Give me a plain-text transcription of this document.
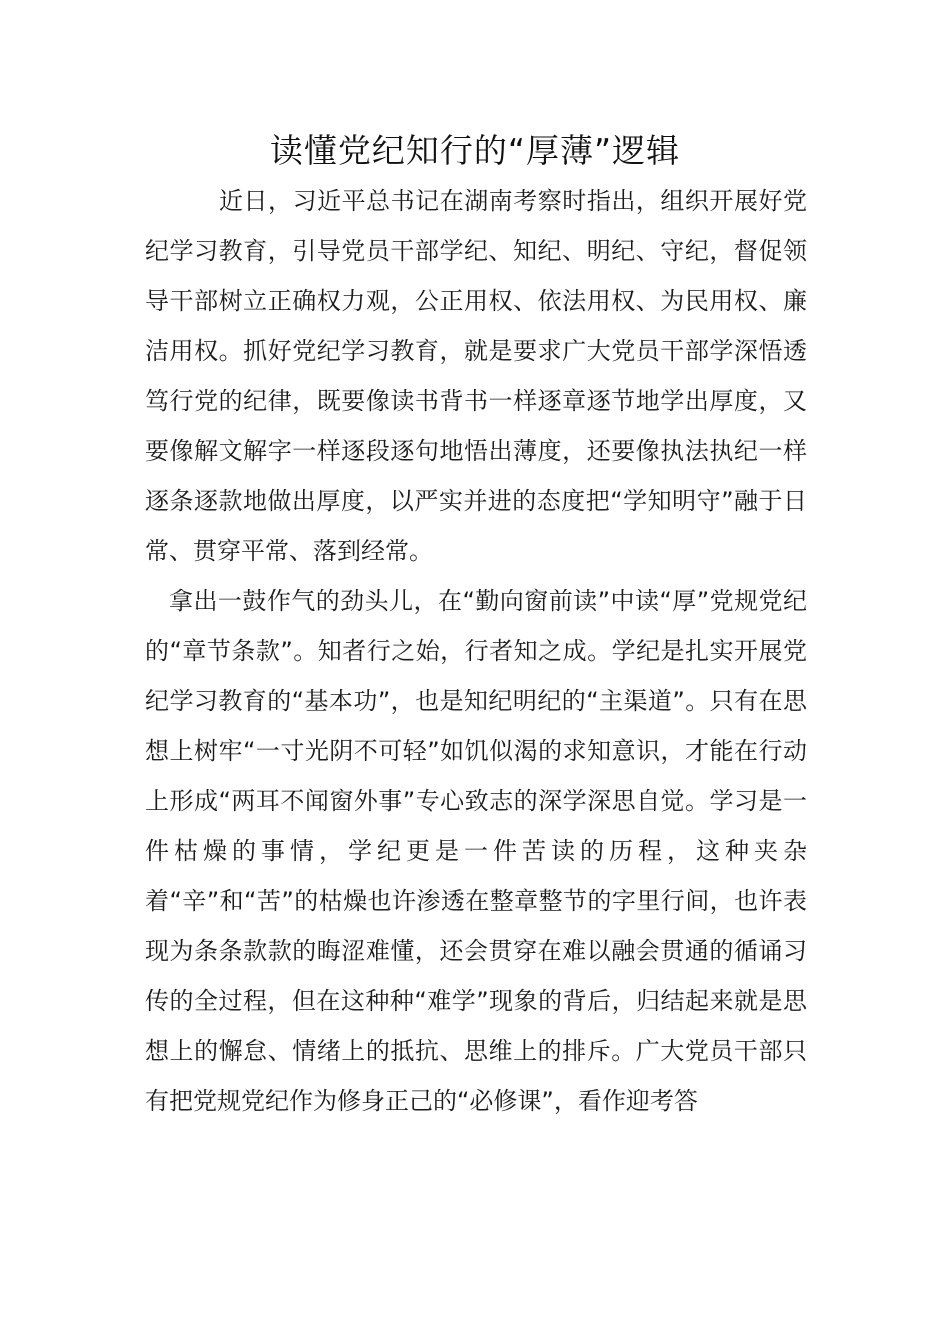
读懂党纪知行的“厚薄”逻辑

近日，习近平总书记在湖南考察时指出，组织开展好党纪学习教育，引导党员干部学纪、知纪、明纪、守纪，督促领导干部树立正确权力观，公正用权、依法用权、为民用权、廉洁用权。抓好党纪学习教育，就是要求广大党员干部学深悟透笃行党的纪律，既要像读书背书一样逐章逐节地学出厚度，又要像解文解字一样逐段逐句地悟出薄度，还要像执法执纪一样逐条逐款地做出厚度，以严实并进的态度把“学知明守”融于日常、贯穿平常、落到经常。

拿出一鼓作气的劲头儿，在“勤向窗前读”中读“厚”党规党纪的“章节条款”。知者行之始，行者知之成。学纪是扎实开展党纪学习教育的“基本功”，也是知纪明纪的“主渠道”。只有在思想上树牢“一寸光阴不可轻”如饥似渴的求知意识，才能在行动上形成“两耳不闻窗外事”专心致志的深学深思自觉。学习是一件枯燥的事情，学纪更是一件苦读的历程，这种夹杂着“辛”和“苦”的枯燥也许渗透在整章整节的字里行间，也许表现为条条款款的晦涩难懂，还会贯穿在难以融会贯通的循诵习传的全过程，但在这种种“难学”现象的背后，归结起来就是思想上的懈怠、情绪上的抵抗、思维上的排斥。广大党员干部只有把党规党纪作为修身正己的“必修课”，看作迎考答
